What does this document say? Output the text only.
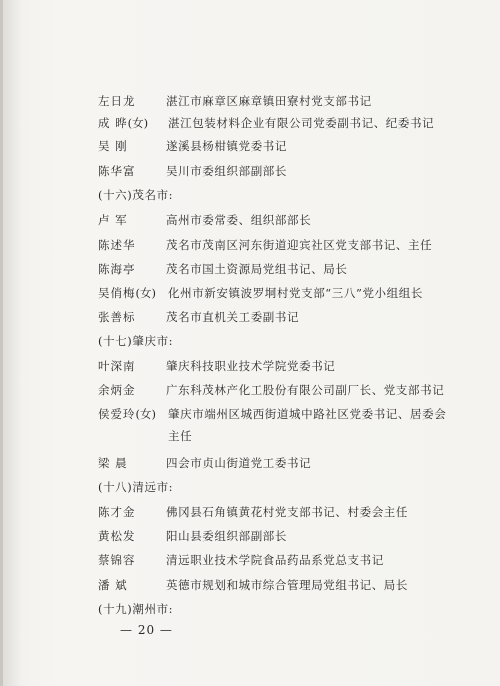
左日龙	湛江市麻章区麻章镇田寮村党支部书记
成 晔(女) 湛江包装材料企业有限公司党委副书记、纪委书记
吴 刚	遂溪县杨柑镇党委书记
陈华富	吴川市委组织部副部长
(十六)茂名市:
卢 军	高州市委常委、组织部部长
陈述华	茂名市茂南区河东街道迎宾社区党支部书记、主任
陈海亭	茂名市国土资源局党组书记、局长
吴俏梅(女) 化州市新安镇波罗垌村党支部“三八”党小组组长
张善标	茂名市直机关工委副书记
(十七)肇庆市:
叶深南	肇庆科技职业技术学院党委书记
余炳金	广东科茂林产化工股份有限公司副厂长、党支部书记
侯爱玲(女) 肇庆市端州区城西街道城中路社区党委书记、居委会
主任
梁 晨	四会市贞山街道党工委书记
(十八)清远市:
陈才金	佛冈县石角镇黄花村党支部书记、村委会主任
黄松发	阳山县委组织部副部长
蔡锦容	清远职业技术学院食品药品系党总支书记
潘 斌	英德市规划和城市综合管理局党组书记、局长
(十九)潮州市:
— 20 —
